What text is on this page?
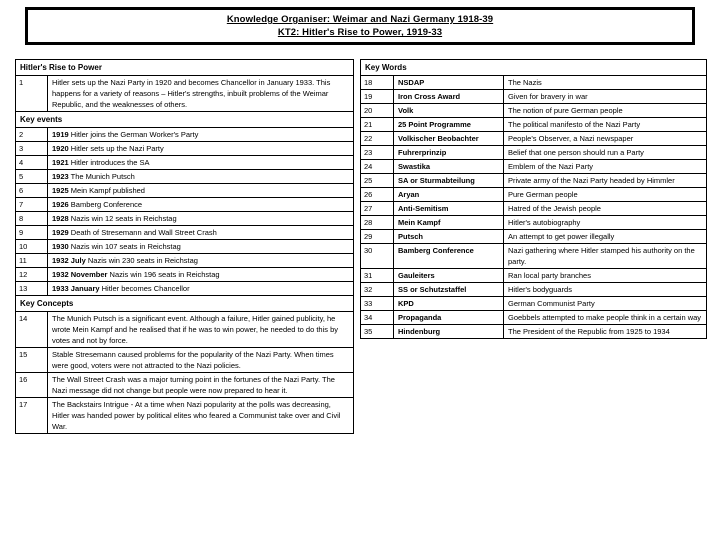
Knowledge Organiser: Weimar and Nazi Germany 1918-39
KT2: Hitler's Rise to Power, 1919-33
Hitler's Rise to Power	
1	Hitler sets up the Nazi Party in 1920 and becomes Chancellor in January 1933. This happens for a variety of reasons – Hitler's strengths, inbuilt problems of the Weimar Republic, and the weaknesses of others.
Key events	
2	1919 Hitler joins the German Worker's Party
3	1920 Hitler sets up the Nazi Party
4	1921 Hitler introduces the SA
5	1923 The Munich Putsch
6	1925 Mein Kampf published
7	1926 Bamberg Conference
8	1928 Nazis win 12 seats in Reichstag
9	1929 Death of Stresemann and Wall Street Crash
10	1930 Nazis win 107 seats in Reichstag
11	1932 July Nazis win 230 seats in Reichstag
12	1932 November Nazis win 196 seats in Reichstag
13	1933 January Hitler becomes Chancellor
Key Concepts	
14	The Munich Putsch is a significant event. Although a failure, Hitler gained publicity, he wrote Mein Kampf and he realised that if he was to win power, he needed to do this by votes and not by force.
15	Stable Stresemann caused problems for the popularity of the Nazi Party. When times were good, voters were not attracted to the Nazi policies.
16	The Wall Street Crash was a major turning point in the fortunes of the Nazi Party. The Nazi message did not change but people were now prepared to hear it.
17	The Backstairs Intrigue - At a time when Nazi popularity at the polls was decreasing, Hitler was handed power by political elites who feared a Communist take over and Civil War.
Key Words		
18	NSDAP	The Nazis
19	Iron Cross Award	Given for bravery in war
20	Volk	The notion of pure German people
21	25 Point Programme	The political manifesto of the Nazi Party
22	Volkischer Beobachter	People's Observer, a Nazi newspaper
23	Fuhrerprinzip	Belief that one person should run a Party
24	Swastika	Emblem of the Nazi Party
25	SA or Sturmabteilung	Private army of the Nazi Party headed by Himmler
26	Aryan	Pure German people
27	Anti-Semitism	Hatred of the Jewish people
28	Mein Kampf	Hitler's autobiography
29	Putsch	An attempt to get power illegally
30	Bamberg Conference	Nazi gathering where Hitler stamped his authority on the party.
31	Gauleiters	Ran local party branches
32	SS or Schutzstaffel	Hitler's bodyguards
33	KPD	German Communist Party
34	Propaganda	Goebbels attempted to make people think in a certain way
35	Hindenburg	The President of the Republic from 1925 to 1934
